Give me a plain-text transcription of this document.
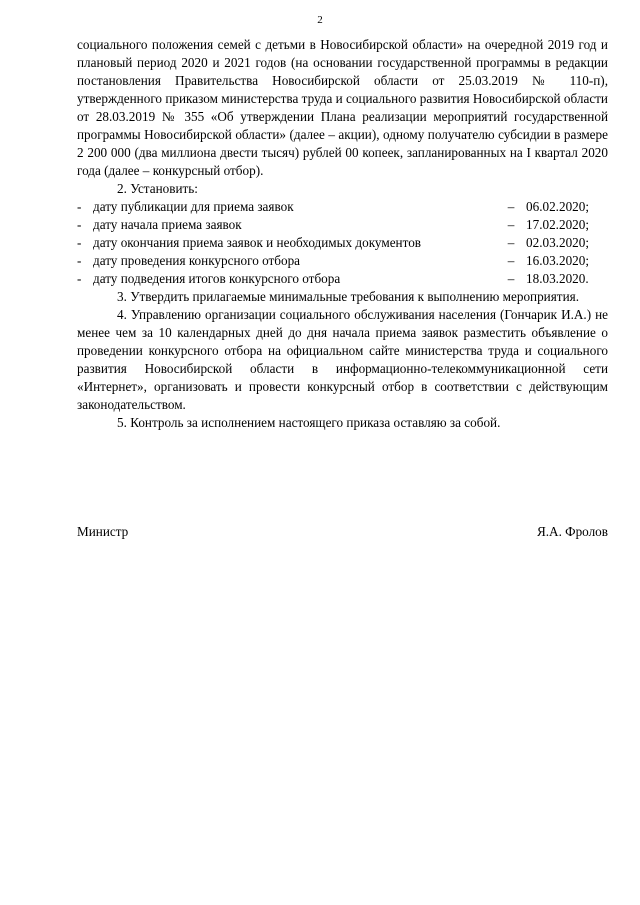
2

социального положения семей с детьми в Новосибирской области» на очередной 2019 год и плановый период 2020 и 2021 годов (на основании государственной программы в редакции постановления Правительства Новосибирской области от 25.03.2019 № 110-п), утвержденного приказом министерства труда и социального развития Новосибирской области от 28.03.2019 № 355 «Об утверждении Плана реализации мероприятий государственной программы Новосибирской области» (далее – акции), одному получателю субсидии в размере 2 200 000 (два миллиона двести тысяч) рублей 00 копеек, запланированных на I квартал 2020 года (далее – конкурсный отбор).

2. Установить:

- дату публикации для приема заявок	– 06.02.2020;
- дату начала приема заявок	– 17.02.2020;
- дату окончания приема заявок и необходимых документов	– 02.03.2020;
- дату проведения конкурсного отбора	– 16.03.2020;
- дату подведения итогов конкурсного отбора	– 18.03.2020.

3. Утвердить прилагаемые минимальные требования к выполнению мероприятия.

4. Управлению организации социального обслуживания населения (Гончарик И.А.) не менее чем за 10 календарных дней до дня начала приема заявок разместить объявление о проведении конкурсного отбора на официальном сайте министерства труда и социального развития Новосибирской области в информационно-телекоммуникационной сети «Интернет», организовать и провести конкурсный отбор в соответствии с действующим законодательством.

5. Контроль за исполнением настоящего приказа оставляю за собой.

Министр	Я.А. Фролов
